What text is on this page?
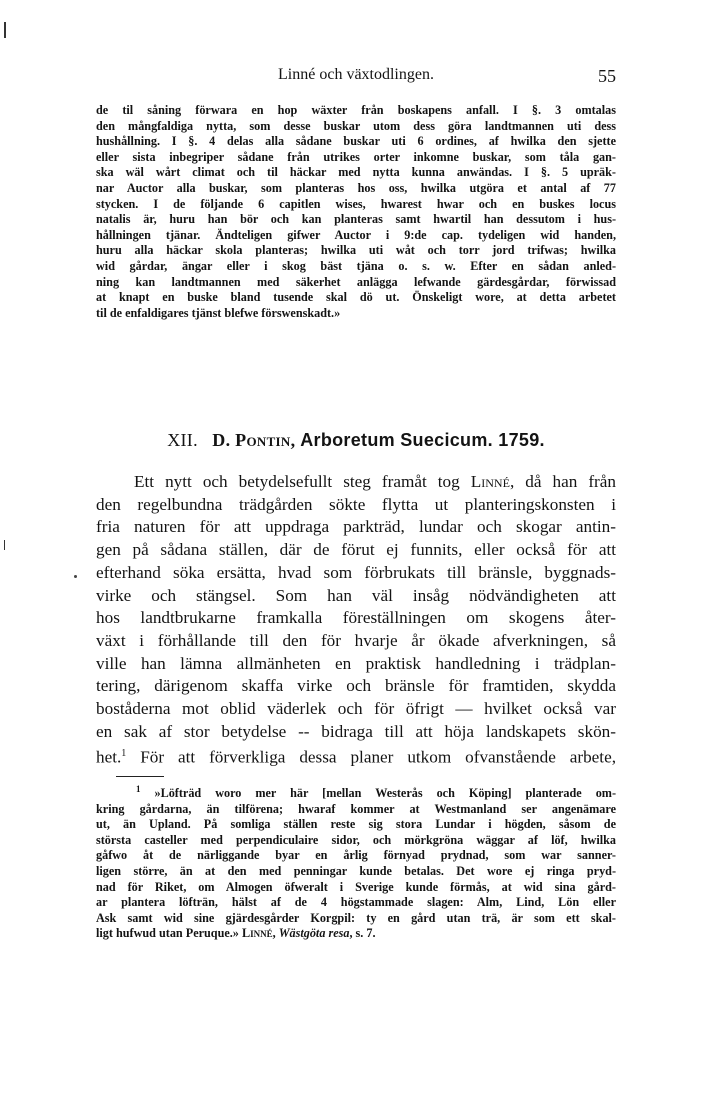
Linné och växtodlingen.	55
de til såning förwara en hop wäxter från boskapens anfall. I §. 3 omtalas
den mångfaldiga nytta, som desse buskar utom dess göra landtmannen uti dess
hushållning. I §. 4 delas alla sådane buskar uti 6 ordines, af hwilka den sjette
eller sista inbegriper sådane från utrikes orter inkomne buskar, som tåla gan-
ska wäl wårt climat och til häckar med nytta kunna anwändas. I §. 5 upräk-
nar Auctor alla buskar, som planteras hos oss, hwilka utgöra et antal af 77
stycken. I de följande 6 capitlen wises, hwarest hwar och en buskes locus
natalis är, huru han bör och kan planteras samt hwartil han dessutom i hus-
hållningen tjänar. Ändteligen gifwer Auctor i 9:de cap. tydeligen wid handen,
huru alla häckar skola planteras; hwilka uti wåt och torr jord trifwas; hwilka
wid gårdar, ängar eller i skog bäst tjäna o. s. w. Efter en sådan anled-
ning kan landtmannen med säkerhet anlägga lefwande gärdesgårdar, förwissad
at knapt en buske bland tusende skal dö ut. Önskeligt wore, at detta arbetet
til de enfaldigares tjänst blefwe förswenskadt.»
XII. D. Pontin, Arboretum Suecicum. 1759.
Ett nytt och betydelsefullt steg framåt tog Linné, då han från
den regelbundna trädgården sökte flytta ut planteringskonsten i
fria naturen för att uppdraga parkträd, lundar och skogar antin-
gen på sådana ställen, där de förut ej funnits, eller också för att
efterhand söka ersätta, hvad som förbrukats till bränsle, byggnads-
virke och stängsel. Som han väl insåg nödvändigheten att
hos landtbrukarne framkalla föreställningen om skogens åter-
växt i förhållande till den för hvarje år ökade afverkningen, så
ville han lämna allmänheten en praktisk handledning i trädplan-
tering, därigenom skaffa virke och bränsle för framtiden, skydda
boståderna mot oblid väderlek och för öfrigt — hvilket också var
en sak af stor betydelse -- bidraga till att höja landskapets skön-
het.$^1$ För att förverkliga dessa planer utkom ofvanstående arbete,
$^1$ »Löfträd woro mer här [mellan Westerås och Köping] planterade om-
kring gårdarna, än tilförena; hwaraf kommer at Westmanland ser angenämare
ut, än Upland. På somliga ställen reste sig stora Lundar i högden, såsom de
största casteller med perpendiculaire sidor, och mörkgröna wäggar af löf, hwilka
gåfwo åt de närliggande byar en årlig förnyad prydnad, som war sanner-
ligen större, än at den med penningar kunde betalas. Det wore ej ringa pryd-
nad för Riket, om Almogen öfweralt i Sverige kunde förmås, at wid sina gård-
ar plantera löfträn, hälst af de 4 högstammade slagen: Alm, Lind, Lön eller
Ask samt wid sine gjärdesgårder Korgpil: ty en gård utan trä, är som ett skal-
ligt hufwud utan Peruque.» Linné, Wästgöta resa, s. 7.
